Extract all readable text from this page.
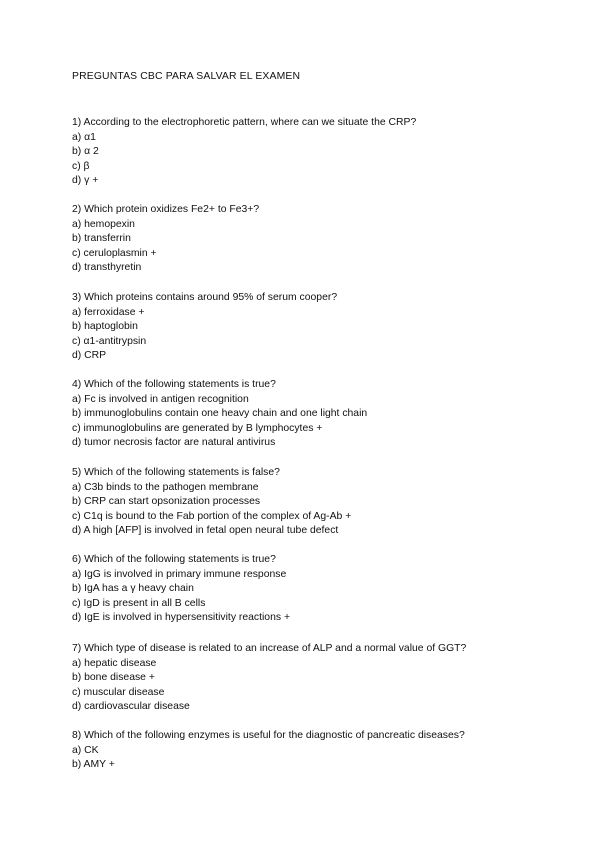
PREGUNTAS CBC PARA SALVAR EL EXAMEN

1) According to the electrophoretic pattern, where can we situate the CRP?

a) α1

b) α 2

c) β

d) γ +

2) Which protein oxidizes Fe2+ to Fe3+?

a) hemopexin

b) transferrin

c) ceruloplasmin +

d) transthyretin

3) Which proteins contains around 95% of serum cooper?

a) ferroxidase +

b) haptoglobin

c) α1-antitrypsin

d) CRP

4) Which of the following statements is true?

a) Fc is involved in antigen recognition

b) immunoglobulins contain one heavy chain and one light chain

c) immunoglobulins are generated by B lymphocytes +

d) tumor necrosis factor are natural antivirus

5) Which of the following statements is false?

a) C3b binds to the pathogen membrane

b) CRP can start opsonization processes

c) C1q is bound to the Fab portion of the complex of Ag-Ab +

d) A high [AFP] is involved in fetal open neural tube defect

6) Which of the following statements is true?

a) IgG is involved in primary immune response

b) IgA has a γ heavy chain

c) IgD is present in all B cells

d) IgE is involved in hypersensitivity reactions +

7) Which type of disease is related to an increase of ALP and a normal value of GGT?

a) hepatic disease

b) bone disease +

c) muscular disease

d) cardiovascular disease

8) Which of the following enzymes is useful for the diagnostic of pancreatic diseases?

a) CK

b) AMY +
